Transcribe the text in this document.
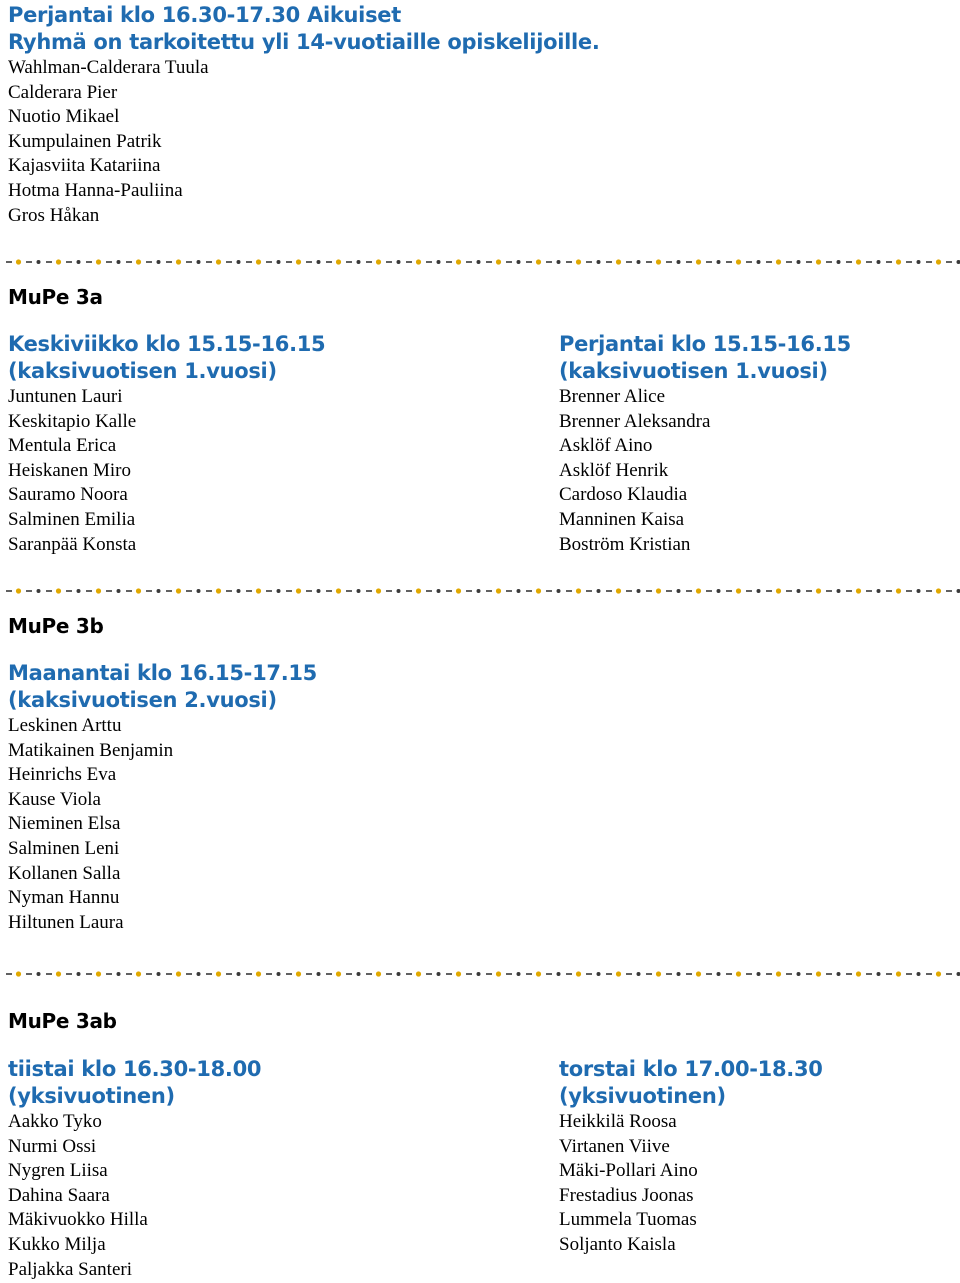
Perjantai klo 16.30-17.30 Aikuiset
Ryhmä on tarkoitettu yli 14-vuotiaille opiskelijoille.
Wahlman-Calderara Tuula
Calderara Pier
Nuotio Mikael
Kumpulainen Patrik
Kajasviita Katariina
Hotma Hanna-Pauliina
Gros Håkan
MuPe 3a
Keskiviikko klo 15.15-16.15
(kaksivuotisen 1.vuosi)
Juntunen Lauri
Keskitapio Kalle
Mentula Erica
Heiskanen Miro
Sauramo Noora
Salminen Emilia
Saranpää Konsta
Perjantai klo 15.15-16.15
(kaksivuotisen 1.vuosi)
Brenner Alice
Brenner Aleksandra
Asklöf Aino
Asklöf Henrik
Cardoso Klaudia
Manninen Kaisa
Boström Kristian
MuPe 3b
Maanantai klo 16.15-17.15
(kaksivuotisen 2.vuosi)
Leskinen Arttu
Matikainen Benjamin
Heinrichs Eva
Kause Viola
Nieminen Elsa
Salminen Leni
Kollanen Salla
Nyman Hannu
Hiltunen Laura
MuPe 3ab
tiistai klo 16.30-18.00
(yksivuotinen)
Aakko Tyko
Nurmi Ossi
Nygren Liisa
Dahina Saara
Mäkivuokko Hilla
Kukko Milja
Paljakka Santeri
torstai klo 17.00-18.30
(yksivuotinen)
Heikkilä Roosa
Virtanen Viive
Mäki-Pollari Aino
Frestadius Joonas
Lummela Tuomas
Soljanto Kaisla
